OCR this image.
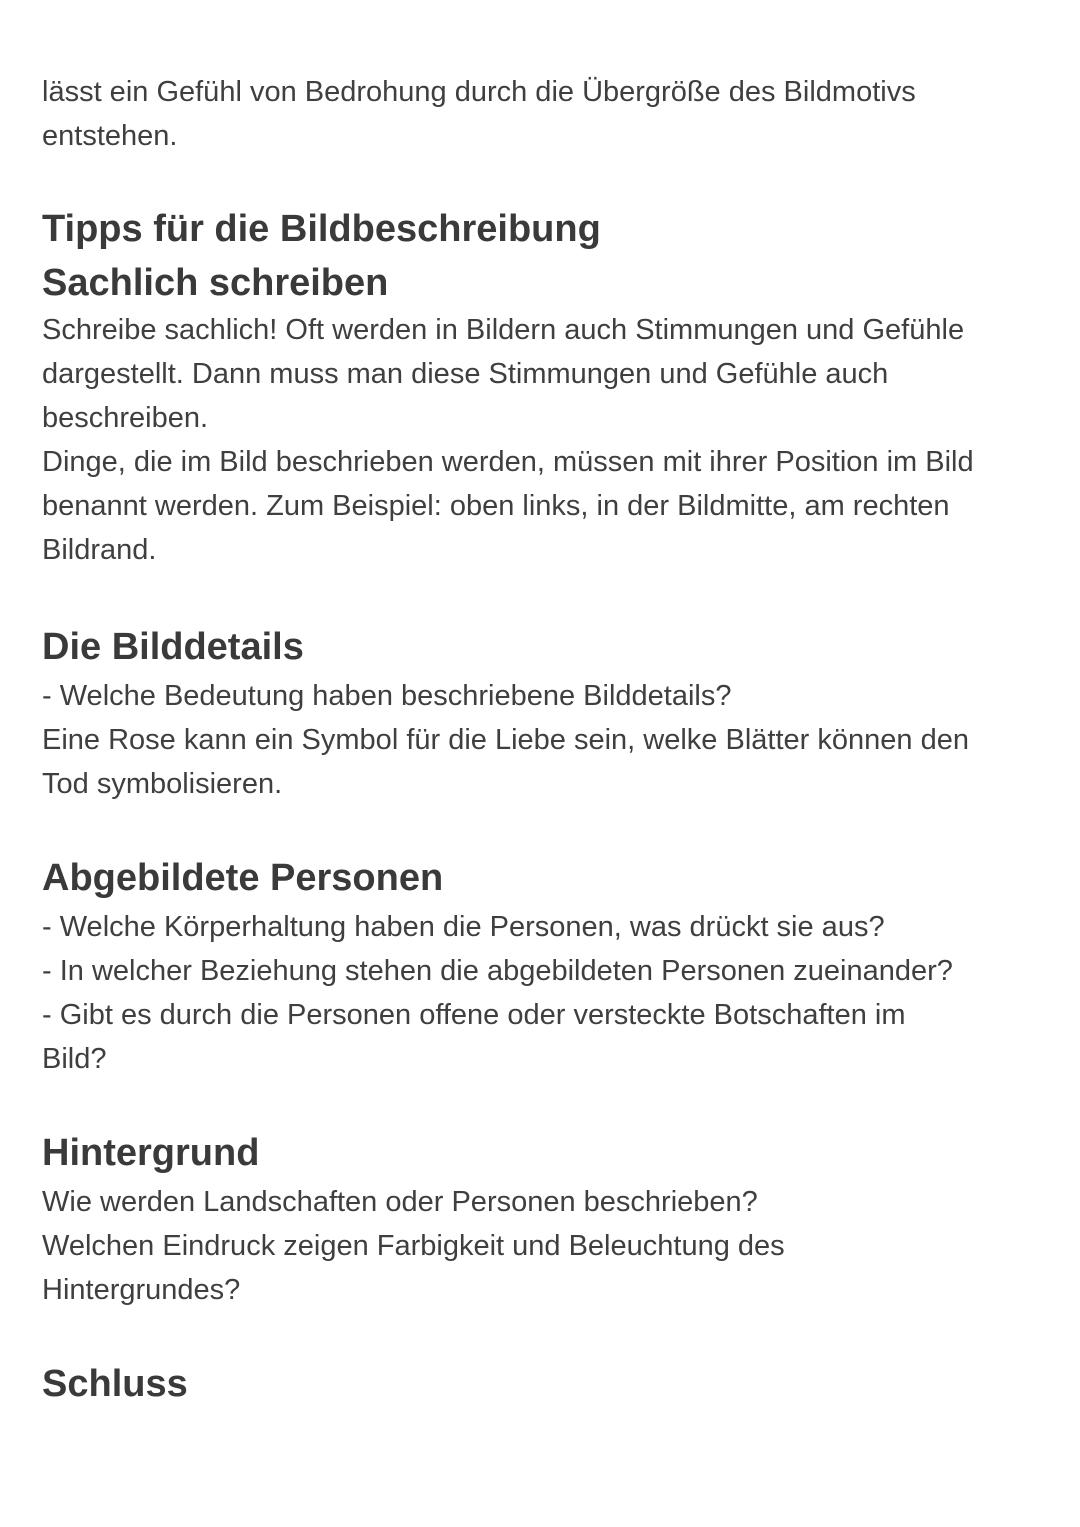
lässt ein Gefühl von Bedrohung durch die Übergröße des Bildmotivs

entstehen.

Tipps für die Bildbeschreibung
Sachlich schreiben

Schreibe sachlich! Oft werden in Bildern auch Stimmungen und Gefühle

dargestellt. Dann muss man diese Stimmungen und Gefühle auch

beschreiben.

Dinge, die im Bild beschrieben werden, müssen mit ihrer Position im Bild

benannt werden. Zum Beispiel: oben links, in der Bildmitte, am rechten

Bildrand.

Die Bilddetails

- Welche Bedeutung haben beschriebene Bilddetails?

Eine Rose kann ein Symbol für die Liebe sein, welke Blätter können den

Tod symbolisieren.

Abgebildete Personen

- Welche Körperhaltung haben die Personen, was drückt sie aus?

- In welcher Beziehung stehen die abgebildeten Personen zueinander?

- Gibt es durch die Personen offene oder versteckte Botschaften im

Bild?

Hintergrund

Wie werden Landschaften oder Personen beschrieben?

Welchen Eindruck zeigen Farbigkeit und Beleuchtung des

Hintergrundes?

Schluss
